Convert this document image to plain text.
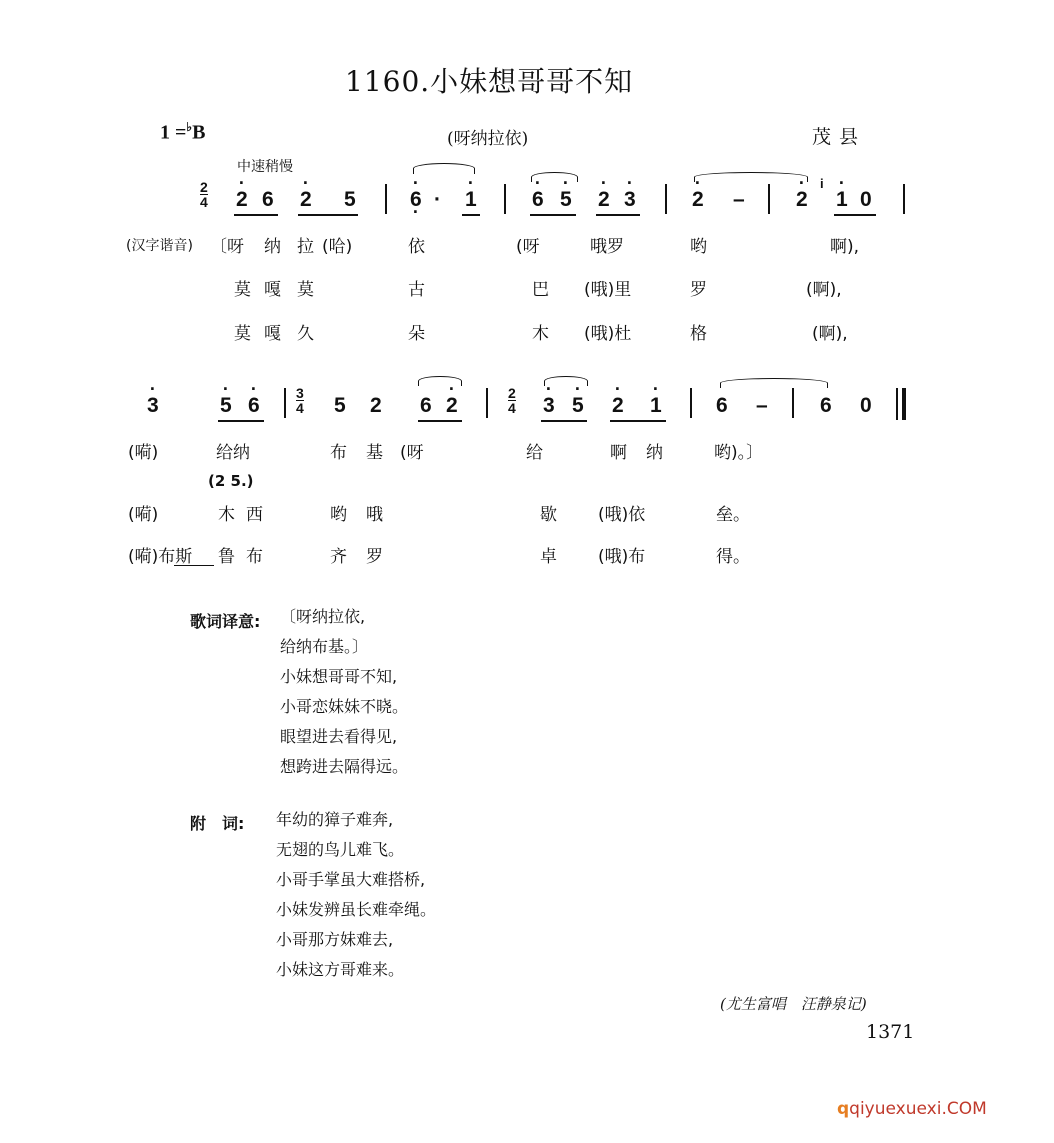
1160.小妹想哥哥不知
1 =♭B	(呀纳拉依)	茂县
中速稍慢
2
4 · 2 6 · 2 5	· 6 · · · 1	· 6 · 5 · 2 · 3	· 2 – · 2
i
· 1 0
(汉字谐音) 〔呀 纳 拉 (哈)	依	(呀	哦罗	哟	啊),
莫 嘎 莫	古	巴 (哦)里	罗	(啊),
莫 嘎 久	朵	木 (哦)杜	格	(啊),
· 3	· 5 · 6
3
4 5 2 6 · 2
2
4 · 3 · 5 · 2 · 1	6 – 6 0
(嗬)	给纳	布 基 (呀	给	啊 纳	哟)。〕
(2 5.)
(嗬)	木 西	哟 哦	歇 (哦)依	垒。
(嗬)布斯 鲁 布	齐 罗	卓 (哦)布	得。
歌词译意: 〔呀纳拉依,
给纳布基。〕
小妹想哥哥不知,
小哥恋妹妹不晓。
眼望进去看得见,
想跨进去隔得远。
附　词: 年幼的獐子难奔,
无翅的鸟儿难飞。
小哥手掌虽大难搭桥,
小妹发辨虽长难牵绳。
小哥那方妹难去,
小妹这方哥难来。
(尤生富唱　汪静泉记)
1371
qqiyuexuexi.COM
